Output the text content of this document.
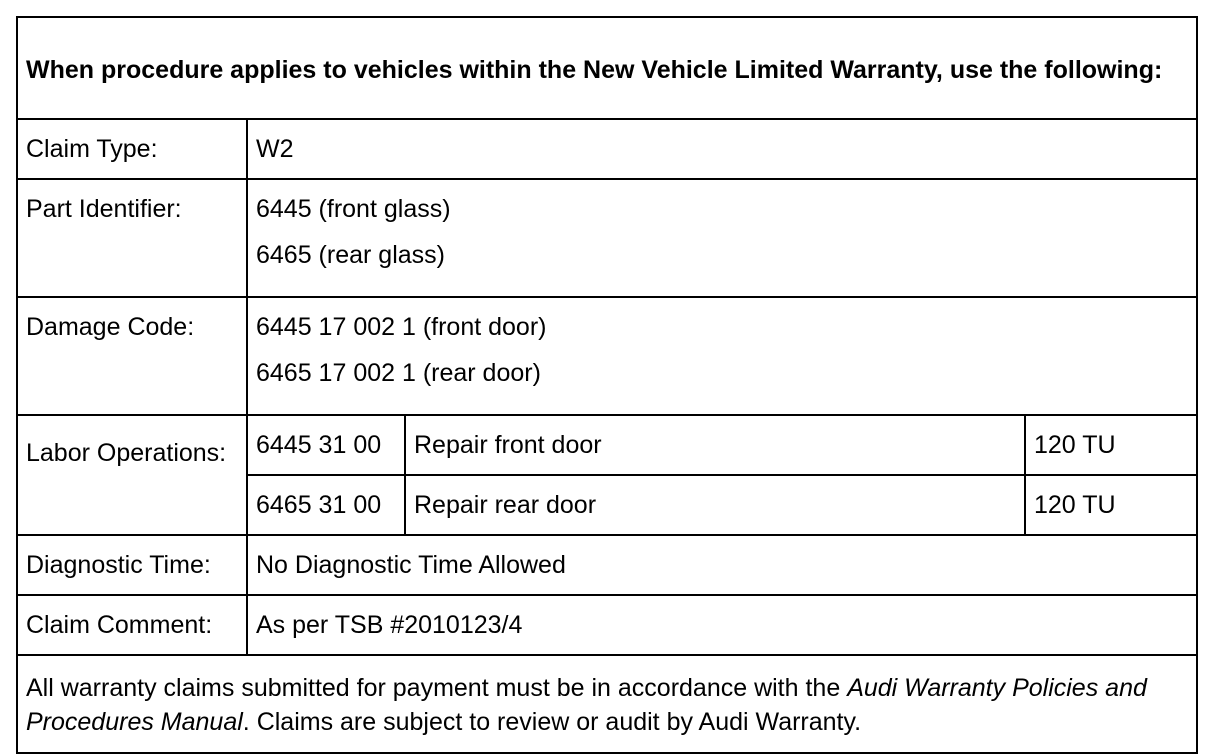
When procedure applies to vehicles within the New Vehicle Limited Warranty, use the following:			
Claim Type:	W2		
Part Identifier:	6445 (front glass)
6465 (rear glass)		

Damage Code:	6445 17 002 1 (front door)
6465 17 002 1 (rear door)		

Labor Operations:	6445 31 00	Repair front door	120 TU
	6465 31 00	Repair rear door	120 TU
Diagnostic Time:	No Diagnostic Time Allowed		
Claim Comment:	As per TSB #2010123/4		
All warranty claims submitted for payment must be in accordance with the Audi Warranty Policies and Procedures Manual. Claims are subject to review or audit by Audi Warranty.			
